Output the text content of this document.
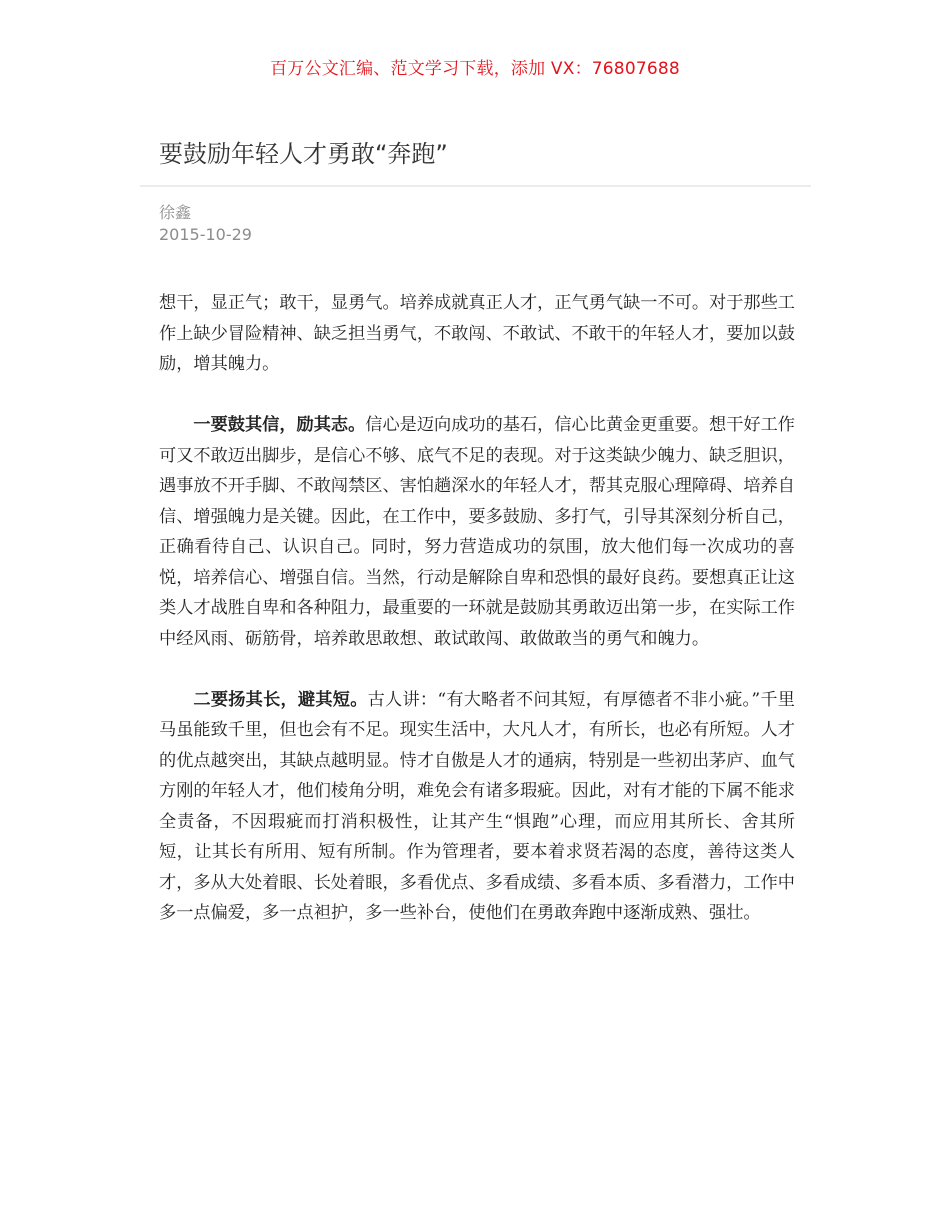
百万公文汇编、范文学习下载，添加 VX：76807688
要鼓励年轻人才勇敢“奔跑”
徐鑫
2015-10-29

想干，显正气；敢干，显勇气。培养成就真正人才，正气勇气缺一不可。对于那些工作上缺少冒险精神、缺乏担当勇气，不敢闯、不敢试、不敢干的年轻人才，要加以鼓励，增其魄力。

一要鼓其信，励其志。信心是迈向成功的基石，信心比黄金更重要。想干好工作可又不敢迈出脚步，是信心不够、底气不足的表现。对于这类缺少魄力、缺乏胆识，遇事放不开手脚、不敢闯禁区、害怕趟深水的年轻人才，帮其克服心理障碍、培养自信、增强魄力是关键。因此，在工作中，要多鼓励、多打气，引导其深刻分析自己，正确看待自己、认识自己。同时，努力营造成功的氛围，放大他们每一次成功的喜悦，培养信心、增强自信。当然，行动是解除自卑和恐惧的最好良药。要想真正让这类人才战胜自卑和各种阻力，最重要的一环就是鼓励其勇敢迈出第一步，在实际工作中经风雨、砺筋骨，培养敢思敢想、敢试敢闯、敢做敢当的勇气和魄力。

二要扬其长，避其短。古人讲：“有大略者不问其短，有厚德者不非小疵。”千里马虽能致千里，但也会有不足。现实生活中，大凡人才，有所长，也必有所短。人才的优点越突出，其缺点越明显。恃才自傲是人才的通病，特别是一些初出茅庐、血气方刚的年轻人才，他们棱角分明，难免会有诸多瑕疵。因此，对有才能的下属不能求全责备，不因瑕疵而打消积极性，让其产生“惧跑”心理，而应用其所长、舍其所短，让其长有所用、短有所制。作为管理者，要本着求贤若渴的态度，善待这类人才，多从大处着眼、长处着眼，多看优点、多看成绩、多看本质、多看潜力，工作中多一点偏爱，多一点袒护，多一些补台，使他们在勇敢奔跑中逐渐成熟、强壮。
